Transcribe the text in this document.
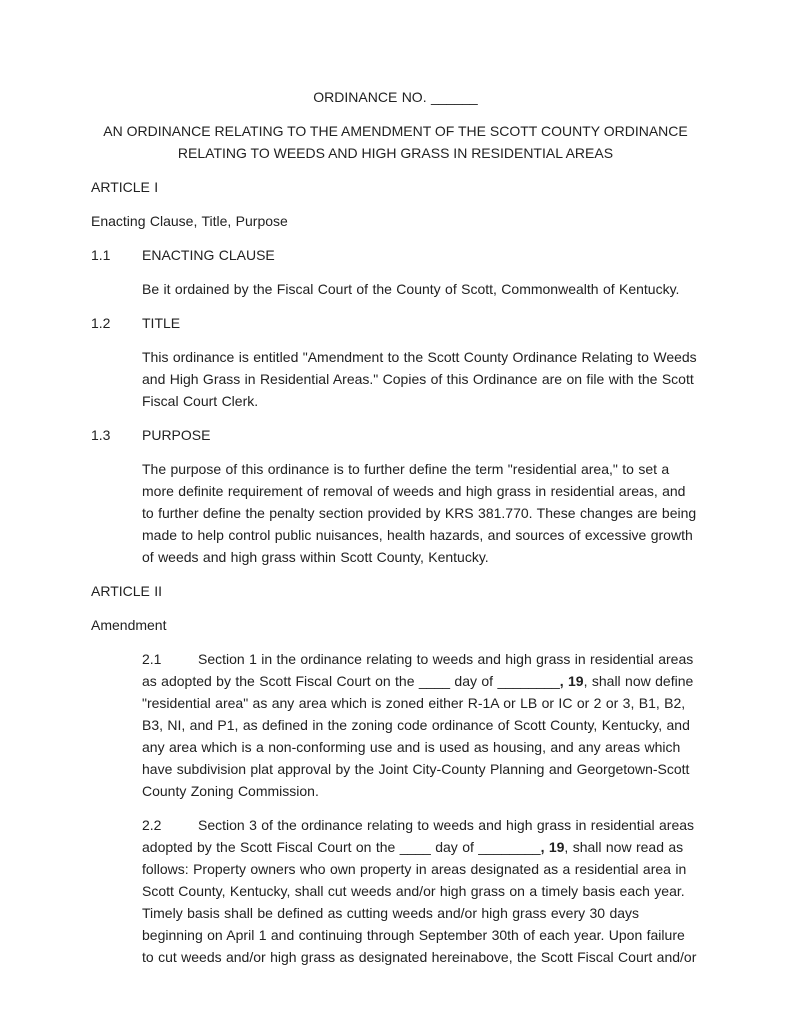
ORDINANCE NO. ______

AN ORDINANCE RELATING TO THE AMENDMENT OF THE SCOTT COUNTY ORDINANCE
RELATING TO WEEDS AND HIGH GRASS IN RESIDENTIAL AREAS

ARTICLE I

Enacting Clause, Title, Purpose

1.1 ENACTING CLAUSE

Be it ordained by the Fiscal Court of the County of Scott, Commonwealth of Kentucky.

1.2 TITLE

This ordinance is entitled "Amendment to the Scott County Ordinance Relating to Weeds and High Grass in Residential Areas." Copies of this Ordinance are on file with the Scott Fiscal Court Clerk.

1.3 PURPOSE

The purpose of this ordinance is to further define the term "residential area," to set a more definite requirement of removal of weeds and high grass in residential areas, and to further define the penalty section provided by KRS 381.770. These changes are being made to help control public nuisances, health hazards, and sources of excessive growth of weeds and high grass within Scott County, Kentucky.

ARTICLE II

Amendment

2.1	Section 1 in the ordinance relating to weeds and high grass in residential areas as adopted by the Scott Fiscal Court on the ____ day of ________, 19, shall now define "residential area" as any area which is zoned either R-1A or LB or IC or 2 or 3, B1, B2, B3, NI, and P1, as defined in the zoning code ordinance of Scott County, Kentucky, and any area which is a non-conforming use and is used as housing, and any areas which have subdivision plat approval by the Joint City-County Planning and Georgetown-Scott County Zoning Commission.

2.2	Section 3 of the ordinance relating to weeds and high grass in residential areas adopted by the Scott Fiscal Court on the ____ day of ________, 19, shall now read as follows: Property owners who own property in areas designated as a residential area in Scott County, Kentucky, shall cut weeds and/or high grass on a timely basis each year. Timely basis shall be defined as cutting weeds and/or high grass every 30 days beginning on April 1 and continuing through September 30th of each year. Upon failure to cut weeds and/or high grass as designated hereinabove, the Scott Fiscal Court and/or
